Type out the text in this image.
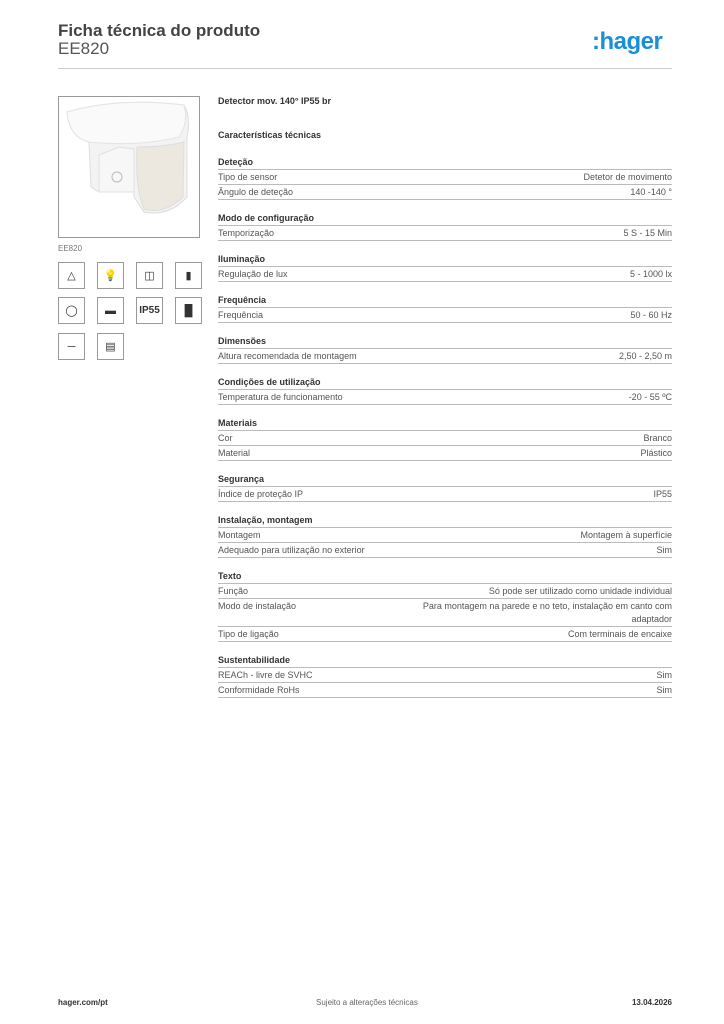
Ficha técnica do produto
EE820	:hager
EE820
△	💡	◫	▮
◯	▬	IP55	█
─	▤
Detector mov. 140° IP55 br
Características técnicas
Deteção
Tipo de sensor	Detetor de movimento
Ângulo de deteção	140 -140 °
Modo de configuração
Temporização	5 S - 15 Min
Iluminação
Regulação de lux	5 - 1000 lx
Frequência
Frequência	50 - 60 Hz
Dimensões
Altura recomendada de montagem	2,50 - 2,50 m
Condições de utilização
Temperatura de funcionamento	-20 - 55 ºC
Materiais
Cor	Branco
Material	Plástico
Segurança
Índice de proteção IP	IP55
Instalação, montagem
Montagem	Montagem à superfície
Adequado para utilização no exterior	Sim
Texto
Função	Só pode ser utilizado como unidade individual
Modo de instalação	Para montagem na parede e no teto, instalação em canto com adaptador
Tipo de ligação	Com terminais de encaixe
Sustentabilidade
REACh - livre de SVHC	Sim
Conformidade RoHs	Sim
hager.com/pt	Sujeito a alterações técnicas	13.04.2026
